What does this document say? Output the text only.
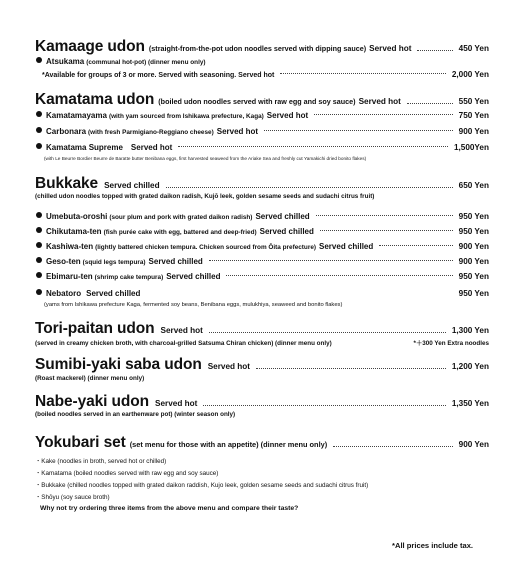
Kamaage udon (straight-from-the-pot udon noodles served with dipping sauce) Served hot	450 Yen
Atsukama (communal hot-pot) (dinner menu only)
*Available for groups of 3 or more. Served with seasoning. Served hot	2,000 Yen
Kamatama udon (boiled udon noodles served with raw egg and soy sauce) Served hot	550 Yen
Kamatamayama (with yam sourced from Ishikawa prefecture, Kaga) Served hot	750 Yen
Carbonara (with fresh Parmigiano-Reggiano cheese) Served hot	900 Yen
Kamatama Supreme Served hot	1,500Yen
(with Le Beurre Bordier Beurre de Baratte butter Benibana eggs, first harvested seaweed from the Ariake Sea and freshly cut Yamakichi dried bonito flakes)
Bukkake Served chilled	650 Yen
(chilled udon noodles topped with grated daikon radish, Kujō leek, golden sesame seeds and sudachi citrus fruit)
Umebuta-oroshi (sour plum and pork with grated daikon radish) Served chilled	950 Yen
Chikutama-ten (fish purée cake with egg, battered and deep-fried) Served chilled	950 Yen
Kashiwa-ten (lightly battered chicken tempura. Chicken sourced from Ōita prefecture) Served chilled	900 Yen
Geso-ten (squid legs tempura) Served chilled	900 Yen
Ebimaru-ten (shrimp cake tempura) Served chilled	950 Yen
Nebatoro Served chilled	950 Yen
(yams from Ishikawa prefecture Kaga, fermented soy beans, Benibana eggs, mulukhiya, seaweed and bonito flakes)
Tori-paitan udon Served hot	1,300 Yen
(served in creamy chicken broth, with charcoal-grilled Satsuma Chiran chicken) (dinner menu only)	*＋300 Yen Extra noodles
Sumibi-yaki saba udon Served hot	1,200 Yen
(Roast mackerel) (dinner menu only)
Nabe-yaki udon Served hot	1,350 Yen
(boiled noodles served in an earthenware pot) (winter season only)
Yokubari set (set menu for those with an appetite) (dinner menu only)	900 Yen
・Kake (noodles in broth, served hot or chilled)
・Kamatama (boiled noodles served with raw egg and soy sauce)
・Bukkake (chilled noodles topped with grated daikon raddish, Kujo leek, golden sesame seeds and sudachi citrus fruit)
・Shōyu (soy sauce broth)
Why not try ordering three items from the above menu and compare their taste?
*All prices include tax.
